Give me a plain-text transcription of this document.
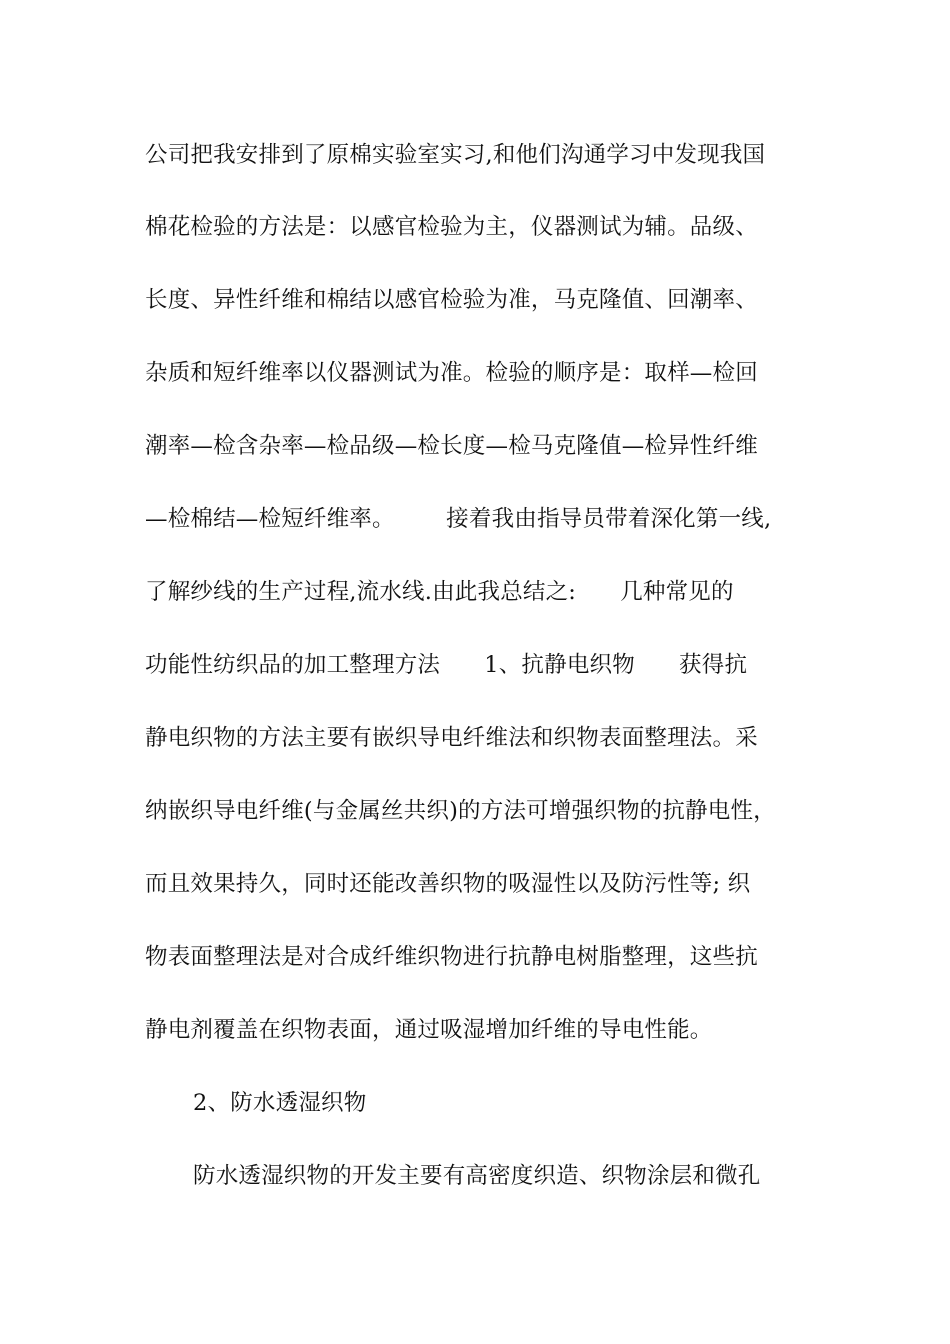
公司把我安排到了原棉实验室实习,和他们沟通学习中发现我国
棉花检验的方法是：以感官检验为主，仪器测试为辅。品级、
长度、异性纤维和棉结以感官检验为准，马克隆值、回潮率、
杂质和短纤维率以仪器测试为准。检验的顺序是：取样—检回
潮率—检含杂率—检品级—检长度—检马克隆值—检异性纤维
—检棉结—检短纤维率。       接着我由指导员带着深化第一线,
了解纱线的生产过程,流水线.由此我总结之:      几种常见的
功能性纺织品的加工整理方法      1、抗静电织物      获得抗
静电织物的方法主要有嵌织导电纤维法和织物表面整理法。采
纳嵌织导电纤维(与金属丝共织)的方法可增强织物的抗静电性，
而且效果持久，同时还能改善织物的吸湿性以及防污性等; 织
物表面整理法是对合成纤维织物进行抗静电树脂整理，这些抗
静电剂覆盖在织物表面，通过吸湿增加纤维的导电性能。
2、防水透湿织物
防水透湿织物的开发主要有高密度织造、织物涂层和微孔
